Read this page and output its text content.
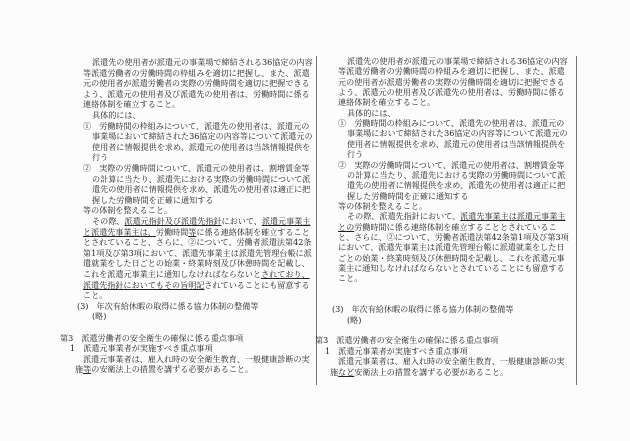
派遣先の使用者が派遣元の事業場で締結される36協定の内容
等派遣労働者の労働時間の枠組みを適切に把握し、また、派遣
元の使用者が派遣労働者の実際の労働時間を適切に把握できる
よう、派遣元の使用者及び派遣先の使用者は、労働時間に係る
連絡体制を確立すること。
具体的には、
①　労働時間の枠組みについて、派遣先の使用者は、派遣元の
事業場において締結された36協定の内容等について派遣元の
使用者に情報提供を求め、派遣元の使用者は当該情報提供を
行う
②　実際の労働時間について、派遣元の使用者は、割増賃金等
の計算に当たり、派遣先における実際の労働時間について派
遣先の使用者に情報提供を求め、派遣先の使用者は適正に把
握した労働時間を正確に通知する
等の体制を整えること。
その際、派遣元指針及び派遣先指針において、派遣元事業主
と派遣先事業主は、労働時間等に係る連絡体制を確立すること
とされていること、さらに、②について、労働者派遣法第42条
第1項及び第3項において、派遣先事業主は派遣先管理台帳に派
遣就業をした日ごとの始業・終業時刻及び休憩時間を記載し、
これを派遣元事業主に通知しなければならないとされており、
派遣先指針においてもその旨明記されていることにも留意する
こと。
(3)　年次有給休暇の取得に係る協力体制の整備等
(略)
第3　派遣労働者の安全衛生の確保に係る重点事項
1　派遣元事業者が実施すべき重点事項
派遣元事業者は、雇入れ時の安全衛生教育、一般健康診断の実
施等の安衛法上の措置を講ずる必要があること。
派遣先の使用者が派遣元の事業場で締結される36協定の内容
等派遣労働者の労働時間の枠組みを適切に把握し、また、派遣
元の使用者が派遣労働者の実際の労働時間を適切に把握できる
よう、派遣元の使用者及び派遣先の使用者は、労働時間に係る
連絡体制を確立すること。
具体的には、
①　労働時間の枠組みについて、派遣先の使用者は、派遣元の
事業場において締結された36協定の内容等について派遣元の
使用者に情報提供を求め、派遣元の使用者は当該情報提供を
行う
②　実際の労働時間について、派遣元の使用者は、割増賃金等
の計算に当たり、派遣先における実際の労働時間について派
遣先の使用者に情報提供を求め、派遣先の使用者は適正に把
握した労働時間を正確に通知する
等の体制を整えること。
その際、派遣先指針において、派遣先事業主は派遣元事業主
との労働時間に係る連絡体制を確立することとされているこ
と、さらに、②について、労働者派遣法第42条第1項及び第3項
において、派遣先事業主は派遣先管理台帳に派遣就業をした日
ごとの始業・終業時刻及び休憩時間を記載し、これを派遣元事
業主に通知しなければならないとされていることにも留意する
こと。
(3)　年次有給休暇の取得に係る協力体制の整備等
(略)
第3　派遣労働者の安全衛生の確保に係る重点事項
1　派遣元事業者が実施すべき重点事項
派遣元事業者は、雇入れ時の安全衛生教育、一般健康診断の実
施など安衛法上の措置を講ずる必要があること。
